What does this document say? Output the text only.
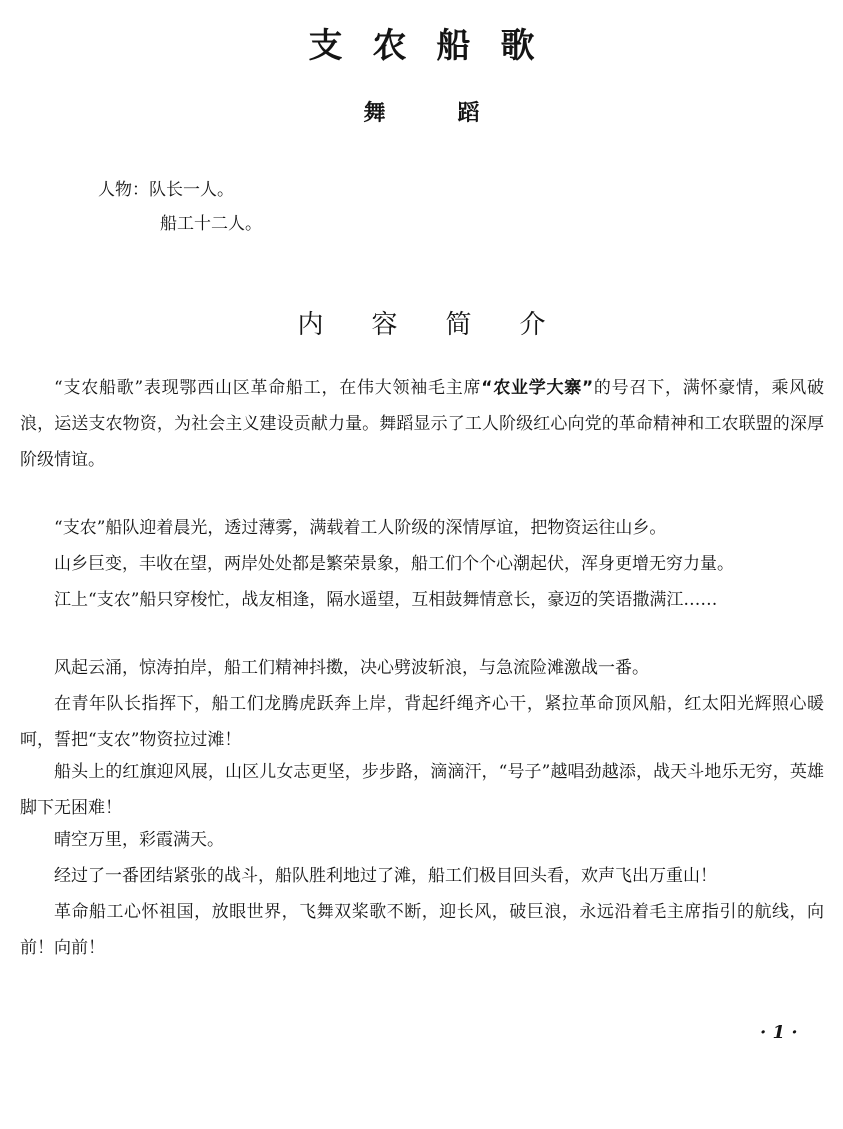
支农船歌
舞蹈
人物：队长一人。
船工十二人。
内容简介

“支农船歌”表现鄂西山区革命船工，在伟大领袖毛主席“农业学大寨”的号召下，满怀豪情，乘风破浪，运送支农物资，为社会主义建设贡献力量。舞蹈显示了工人阶级红心向党的革命精神和工农联盟的深厚阶级情谊。

“支农”船队迎着晨光，透过薄雾，满载着工人阶级的深情厚谊，把物资运往山乡。

山乡巨变，丰收在望，两岸处处都是繁荣景象，船工们个个心潮起伏，浑身更增无穷力量。

江上“支农”船只穿梭忙，战友相逢，隔水遥望，互相鼓舞情意长，豪迈的笑语撒满江……

风起云涌，惊涛拍岸，船工们精神抖擞，决心劈波斩浪，与急流险滩激战一番。

在青年队长指挥下，船工们龙腾虎跃奔上岸，背起纤绳齐心干，紧拉革命顶风船，红太阳光辉照心暖呵，誓把“支农”物资拉过滩！

船头上的红旗迎风展，山区儿女志更坚，步步路，滴滴汗，“号子”越唱劲越添，战天斗地乐无穷，英雄脚下无困难！

晴空万里，彩霞满天。

经过了一番团结紧张的战斗，船队胜利地过了滩，船工们极目回头看，欢声飞出万重山！

革命船工心怀祖国，放眼世界，飞舞双桨歌不断，迎长风，破巨浪，永远沿着毛主席指引的航线，向前！向前！

· 1 ·
